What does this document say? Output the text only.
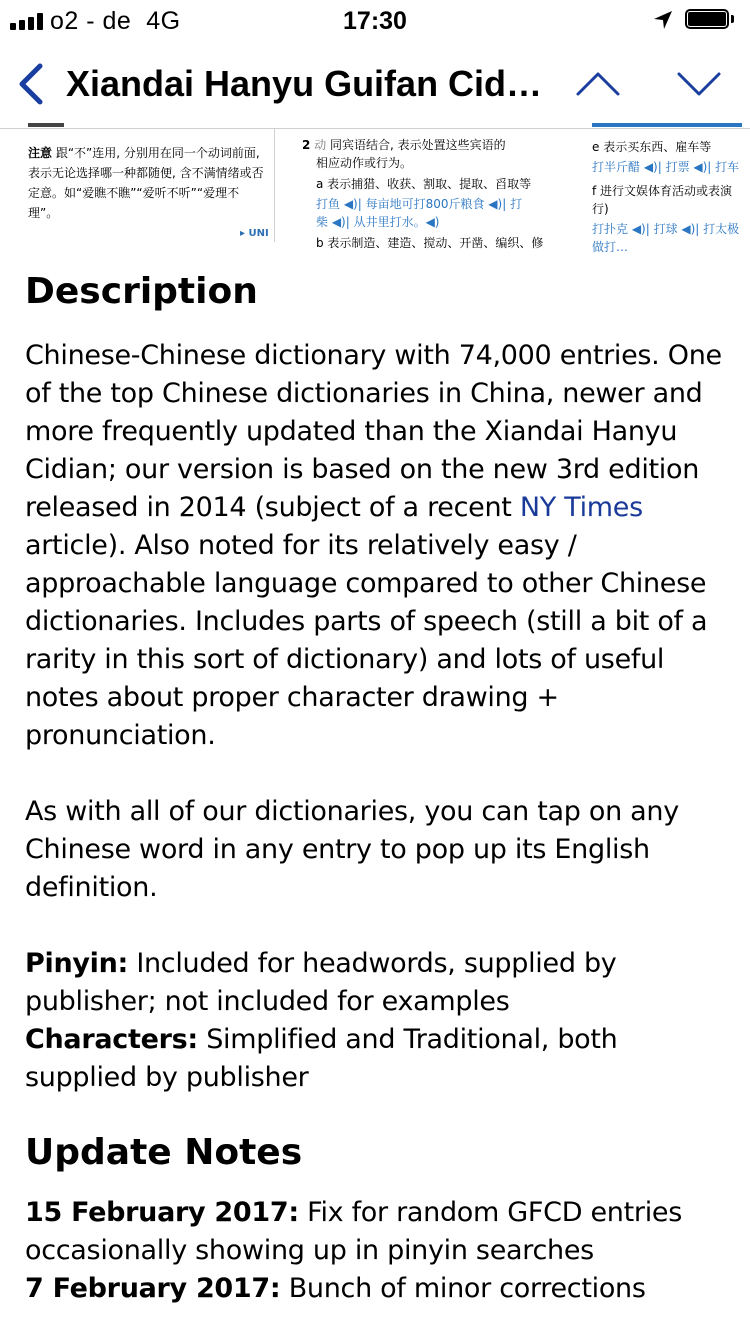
o2 - de 4G	17:30
Xiandai Hanyu Guifan Cid…
注意 跟“不”连用, 分别用在同一个动词前面, 表示无论选择哪一种都随便, 含不满情绪或否定意。如“爱瞧不瞧”“爱听不听”“爱理不理”。
▸ UNI
2 动 同宾语结合, 表示处置这些宾语的
相应动作或行为。
a 表示捕猎、收获、割取、提取、舀取等
打鱼 ◀)| 每亩地可打800斤粮食 ◀)| 打
柴 ◀)| 从井里打水。◀)
b 表示制造、建造、搅动、开凿、编织、修
e 表示买东西、雇车等
打半斤醋 ◀)| 打票 ◀)| 打车
f 进行文娱体育活动或表演
行)
打扑克 ◀)| 打球 ◀)| 打太极
做打…
Description

Chinese-Chinese dictionary with 74,000 entries. One of the top Chinese dictionaries in China, newer and more frequently updated than the Xiandai Hanyu Cidian; our version is based on the new 3rd edition released in 2014 (subject of a recent NY Times article). Also noted for its relatively easy / approachable language compared to other Chinese dictionaries. Includes parts of speech (still a bit of a rarity in this sort of dictionary) and lots of useful notes about proper character drawing + pronunciation.

As with all of our dictionaries, you can tap on any Chinese word in any entry to pop up its English definition.

Pinyin: Included for headwords, supplied by publisher; not included for examples

Characters: Simplified and Traditional, both supplied by publisher

Update Notes

15 February 2017: Fix for random GFCD entries occasionally showing up in pinyin searches

7 February 2017: Bunch of minor corrections
